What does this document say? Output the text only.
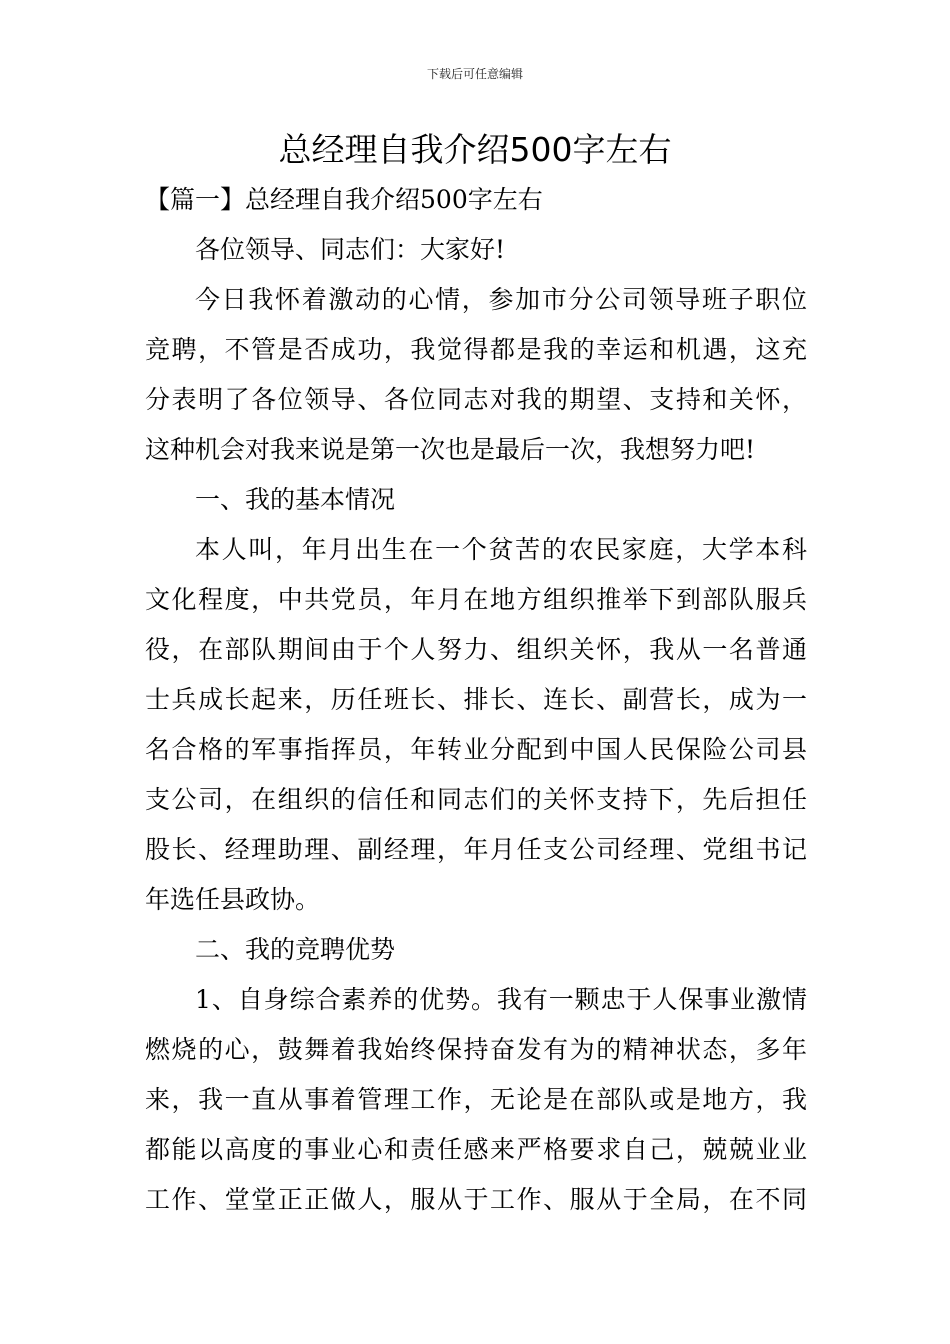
下载后可任意编辑
总经理自我介绍500字左右
【篇一】总经理自我介绍500字左右
各位领导、同志们：大家好!
今日我怀着激动的心情，参加市分公司领导班子职位
竞聘，不管是否成功，我觉得都是我的幸运和机遇，这充
分表明了各位领导、各位同志对我的期望、支持和关怀，
这种机会对我来说是第一次也是最后一次，我想努力吧!
一、我的基本情况
本人叫，年月出生在一个贫苦的农民家庭，大学本科
文化程度，中共党员，年月在地方组织推举下到部队服兵
役，在部队期间由于个人努力、组织关怀，我从一名普通
士兵成长起来，历任班长、排长、连长、副营长，成为一
名合格的军事指挥员，年转业分配到中国人民保险公司县
支公司，在组织的信任和同志们的关怀支持下，先后担任
股长、经理助理、副经理，年月任支公司经理、党组书记
年选任县政协。
二、我的竞聘优势
1、自身综合素养的优势。我有一颗忠于人保事业激情
燃烧的心，鼓舞着我始终保持奋发有为的精神状态，多年
来，我一直从事着管理工作，无论是在部队或是地方，我
都能以高度的事业心和责任感来严格要求自己，兢兢业业
工作、堂堂正正做人，服从于工作、服从于全局，在不同
